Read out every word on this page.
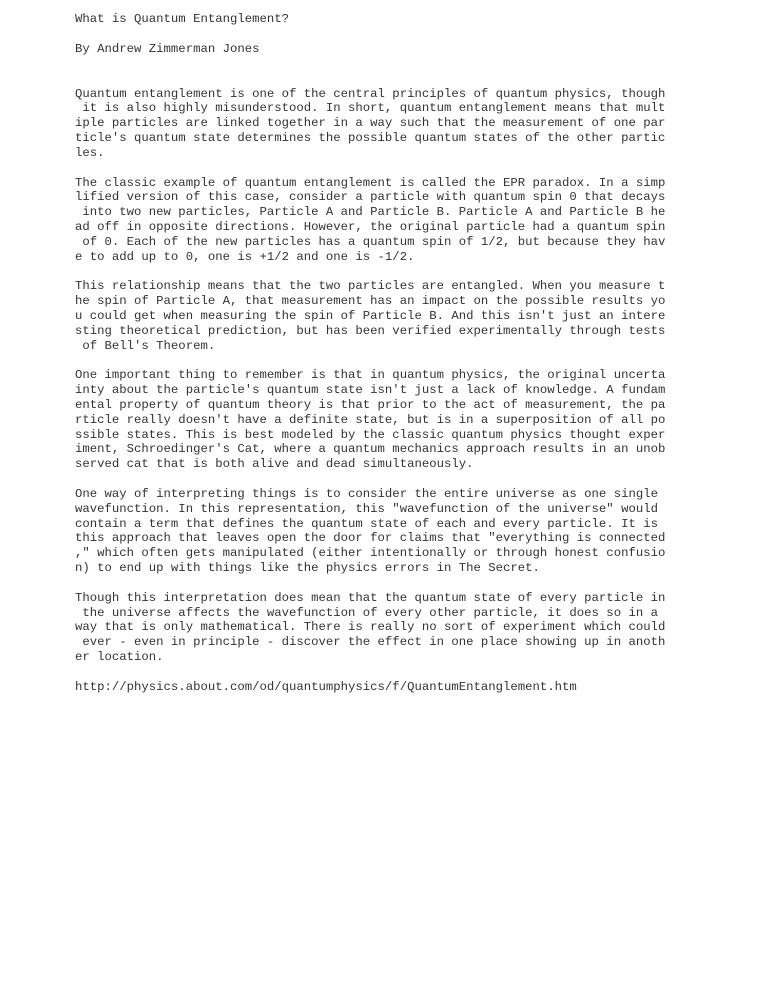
What is Quantum Entanglement?
By Andrew Zimmerman Jones
Quantum entanglement is one of the central principles of quantum physics, though
it is also highly misunderstood. In short, quantum entanglement means that mult
iple particles are linked together in a way such that the measurement of one par
ticle's quantum state determines the possible quantum states of the other partic
les.
The classic example of quantum entanglement is called the EPR paradox. In a simp
lified version of this case, consider a particle with quantum spin 0 that decays
into two new particles, Particle A and Particle B. Particle A and Particle B he
ad off in opposite directions. However, the original particle had a quantum spin
of 0. Each of the new particles has a quantum spin of 1/2, but because they hav
e to add up to 0, one is +1/2 and one is -1/2.
This relationship means that the two particles are entangled. When you measure t
he spin of Particle A, that measurement has an impact on the possible results yo
u could get when measuring the spin of Particle B. And this isn't just an intere
sting theoretical prediction, but has been verified experimentally through tests
of Bell's Theorem.
One important thing to remember is that in quantum physics, the original uncerta
inty about the particle's quantum state isn't just a lack of knowledge. A fundam
ental property of quantum theory is that prior to the act of measurement, the pa
rticle really doesn't have a definite state, but is in a superposition of all po
ssible states. This is best modeled by the classic quantum physics thought exper
iment, Schroedinger's Cat, where a quantum mechanics approach results in an unob
served cat that is both alive and dead simultaneously.
One way of interpreting things is to consider the entire universe as one single
wavefunction. In this representation, this "wavefunction of the universe" would
contain a term that defines the quantum state of each and every particle. It is
this approach that leaves open the door for claims that "everything is connected
," which often gets manipulated (either intentionally or through honest confusio
n) to end up with things like the physics errors in The Secret.
Though this interpretation does mean that the quantum state of every particle in
the universe affects the wavefunction of every other particle, it does so in a
way that is only mathematical. There is really no sort of experiment which could
ever - even in principle - discover the effect in one place showing up in anoth
er location.
http://physics.about.com/od/quantumphysics/f/QuantumEntanglement.htm
